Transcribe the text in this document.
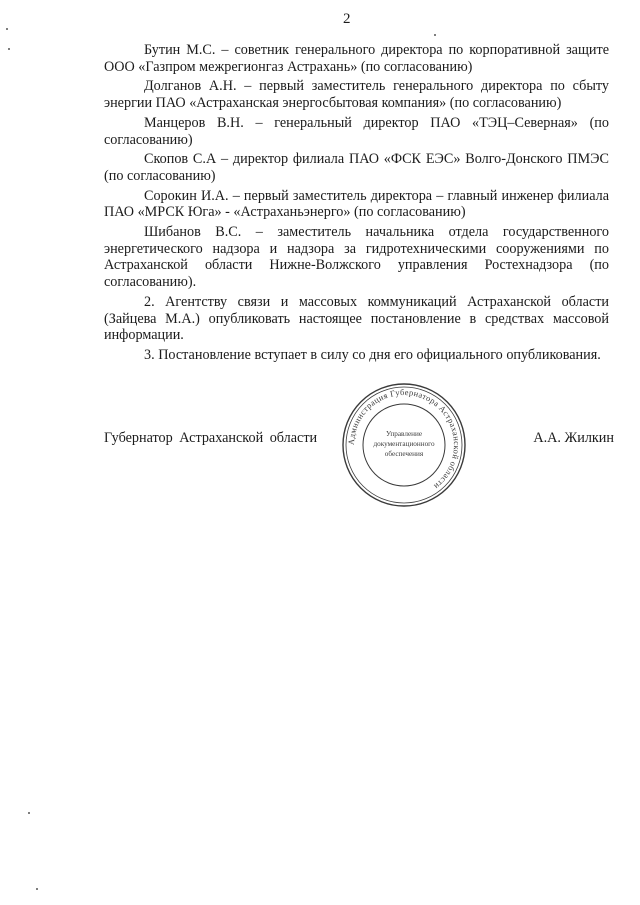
2

Бутин М.С. – советник генерального директора по корпоративной защите ООО «Газпром межрегионгаз Астрахань» (по согласованию)

Долганов А.Н. – первый заместитель генерального директора по сбыту энергии ПАО «Астраханская энергосбытовая компания» (по согласованию)

Манцеров В.Н. – генеральный директор ПАО «ТЭЦ–Северная» (по согласованию)

Скопов С.А – директор филиала ПАО «ФСК ЕЭС» Волго-Донского ПМЭС (по согласованию)

Сорокин И.А. – первый заместитель директора – главный инженер филиала ПАО «МРСК Юга» - «Астраханьэнерго» (по согласованию)

Шибанов В.С. – заместитель начальника отдела государственного энергетического надзора и надзора за гидротехническими сооружениями по Астраханской области Нижне-Волжского управления Ростехнадзора (по согласованию).

2. Агентству связи и массовых коммуникаций Астраханской области (Зайцева М.А.) опубликовать настоящее постановление в средствах массовой информации.

3. Постановление вступает в силу со дня его официального опубликования.

Губернатор Астраханской области	А.А. Жилкин
Администрация Губернатора Астраханской области
Управление
документационного
обеспечения
